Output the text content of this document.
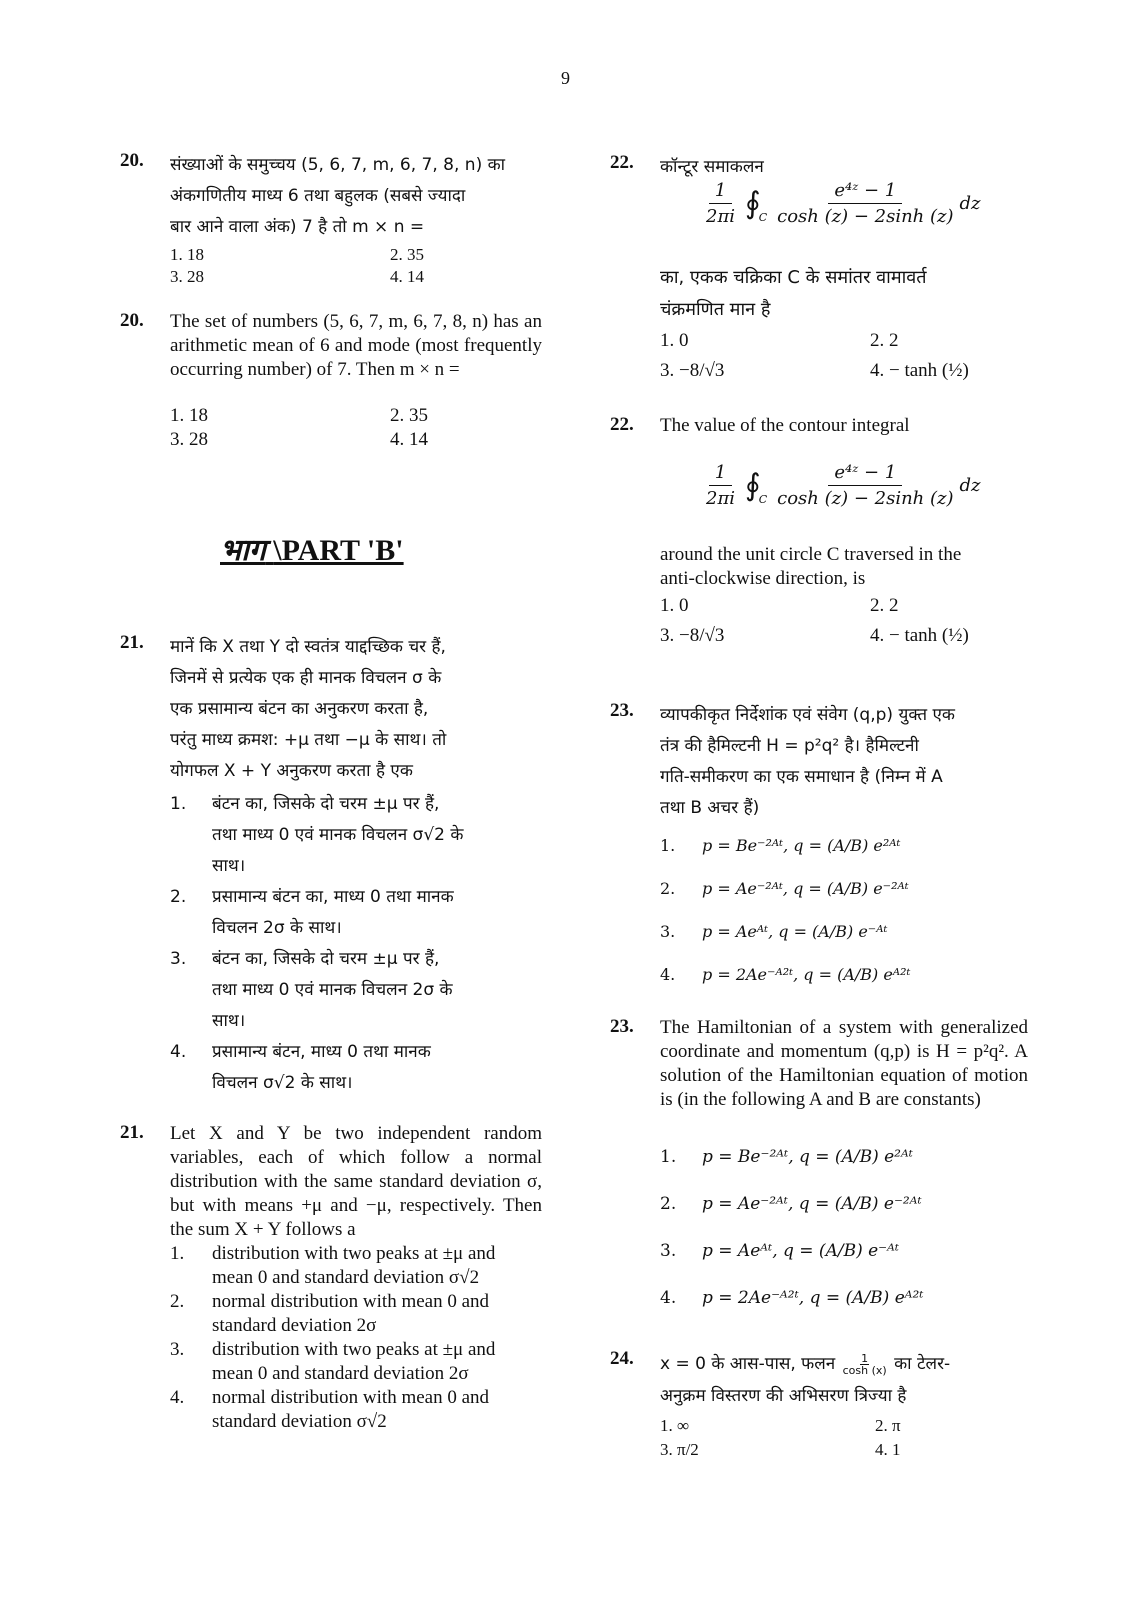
9
20. संख्याओं के समुच्चय (5, 6, 7, m, 6, 7, 8, n) का
अंकगणितीय माध्य 6 तथा बहुलक (सबसे ज्यादा
बार आने वाला अंक) 7 है तो m × n =
1. 18	2. 35
3. 28	4. 14
20. The set of numbers (5, 6, 7, m, 6, 7, 8, n) has an arithmetic mean of 6 and mode (most frequently occurring number) of 7. Then m × n =
1. 18	2. 35
3. 28	4. 14
भाग \PART 'B'
21. मानें कि X तथा Y दो स्वतंत्र याद्दच्छिक चर हैं,
जिनमें से प्रत्येक एक ही मानक विचलन σ के
एक प्रसामान्य बंटन का अनुकरण करता है,
परंतु माध्य क्रमश: +μ तथा −μ के साथ। तो
योगफल X + Y अनुकरण करता है एक
1.	बंटन का, जिसके दो चरम ±μ पर हैं,
तथा माध्य 0 एवं मानक विचलन σ√2 के
साथ।
2.	प्रसामान्य बंटन का, माध्य 0 तथा मानक
विचलन 2σ के साथ।
3.	बंटन का, जिसके दो चरम ±μ पर हैं,
तथा माध्य 0 एवं मानक विचलन 2σ के
साथ।
4.	प्रसामान्य बंटन, माध्य 0 तथा मानक
विचलन σ√2 के साथ।
21. Let X and Y be two independent random variables, each of which follow a normal distribution with the same standard deviation σ, but with means +μ and −μ, respectively. Then the sum X + Y follows a
1.	distribution with two peaks at ±μ and
mean 0 and standard deviation σ√2
2.	normal distribution with mean 0 and
standard deviation 2σ
3.	distribution with two peaks at ±μ and
mean 0 and standard deviation 2σ
4.	normal distribution with mean 0 and
standard deviation σ√2
22. कॉन्टूर समाकलन
$\frac{1}{2\pi i}$ ∮
C $\frac{\text{e⁴ᶻ − 1}}{\cosh (z) - 2\sinh (z)}$ dz
का, एकक चक्रिका C के समांतर वामावर्त
चंक्रमणित मान है
1. 0	2. 2
3. −8/√3	4. − tanh (½)
22. The value of the contour integral
$\frac{1}{2\pi i}$ ∮
C $\frac{\text{e⁴ᶻ − 1}}{\cosh (z) - 2\sinh (z)}$ dz
around the unit circle C traversed in the
anti-clockwise direction, is
1. 0	2. 2
3. −8/√3	4. − tanh (½)
23. व्यापकीकृत निर्देशांक एवं संवेग (q,p) युक्त एक
तंत्र की हैमिल्टनी H = p²q² है। हैमिल्टनी
गति-समीकरण का एक समाधान है (निम्न में A
तथा B अचर हैं)
1.	p = Be⁻²ᴬᵗ, q = (A/B) e²ᴬᵗ
2.	p = Ae⁻²ᴬᵗ, q = (A/B) e⁻²ᴬᵗ
3.	p = Aeᴬᵗ, q = (A/B) e⁻ᴬᵗ
4.	p = 2Ae⁻ᴬ²ᵗ, q = (A/B) eᴬ²ᵗ
23. The Hamiltonian of a system with generalized coordinate and momentum (q,p) is H = p²q². A solution of the Hamiltonian equation of motion is (in the following A and B are constants)
1.	p = Be⁻²ᴬᵗ, q = (A/B) e²ᴬᵗ
2.	p = Ae⁻²ᴬᵗ, q = (A/B) e⁻²ᴬᵗ
3.	p = Aeᴬᵗ, q = (A/B) e⁻ᴬᵗ
4.	p = 2Ae⁻ᴬ²ᵗ, q = (A/B) eᴬ²ᵗ
24. x = 0 के आस-पास, फलन $\frac{1}{\cosh (x)}$ का टेलर-
अनुक्रम विस्तरण की अभिसरण त्रिज्या है
1. ∞	2. π
3. π/2	4. 1
